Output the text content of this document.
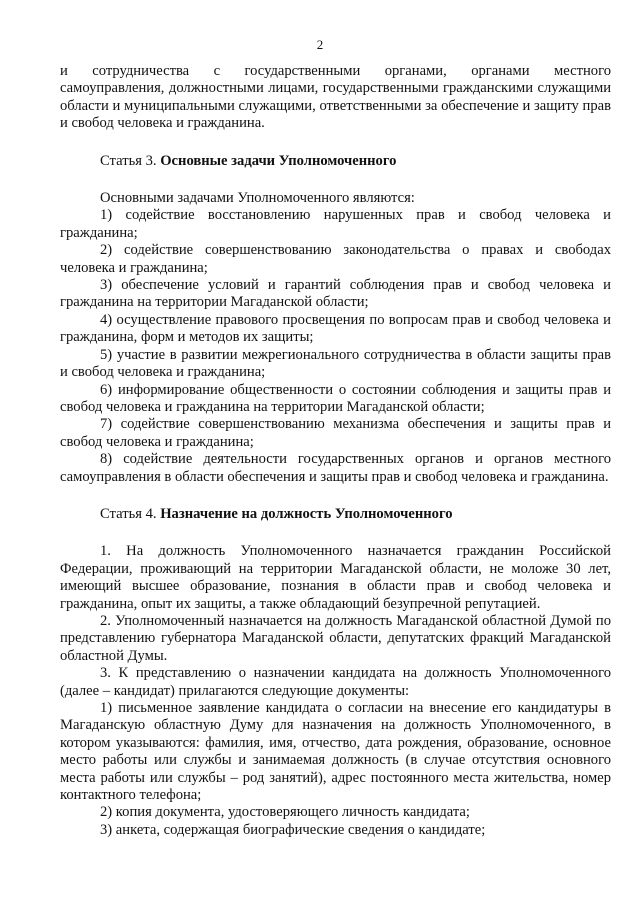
2

и сотрудничества с государственными органами, органами местного

самоуправления, должностными лицами, государственными гражданскими служащими области и муниципальными служащими, ответственными за обеспечение и защиту прав и свобод человека и гражданина.

Статья 3. Основные задачи Уполномоченного

Основными задачами Уполномоченного являются:

1) содействие восстановлению нарушенных прав и свобод человека и гражданина;

2) содействие совершенствованию законодательства о правах и свободах человека и гражданина;

3) обеспечение условий и гарантий соблюдения прав и свобод человека и гражданина на территории Магаданской области;

4) осуществление правового просвещения по вопросам прав и свобод человека и гражданина, форм и методов их защиты;

5) участие в развитии межрегионального сотрудничества в области защиты прав и свобод человека и гражданина;

6) информирование общественности о состоянии соблюдения и защиты прав и свобод человека и гражданина на территории Магаданской области;

7) содействие совершенствованию механизма обеспечения и защиты прав и свобод человека и гражданина;

8) содействие деятельности государственных органов и органов местного самоуправления в области обеспечения и защиты прав и свобод человека и гражданина.

Статья 4. Назначение на должность Уполномоченного

1. На должность Уполномоченного назначается гражданин Российской Федерации, проживающий на территории Магаданской области, не моложе 30 лет, имеющий высшее образование, познания в области прав и свобод человека и гражданина, опыт их защиты, а также обладающий безупречной репутацией.

2. Уполномоченный назначается на должность Магаданской областной Думой по представлению губернатора Магаданской области, депутатских фракций Магаданской областной Думы.

3. К представлению о назначении кандидата на должность Уполномоченного (далее – кандидат) прилагаются следующие документы:

1) письменное заявление кандидата о согласии на внесение его кандидатуры в Магаданскую областную Думу для назначения на должность Уполномоченного, в котором указываются: фамилия, имя, отчество, дата рождения, образование, основное место работы или службы и занимаемая должность (в случае отсутствия основного места работы или службы – род занятий), адрес постоянного места жительства, номер контактного телефона;

2) копия документа, удостоверяющего личность кандидата;

3) анкета, содержащая биографические сведения о кандидате;
